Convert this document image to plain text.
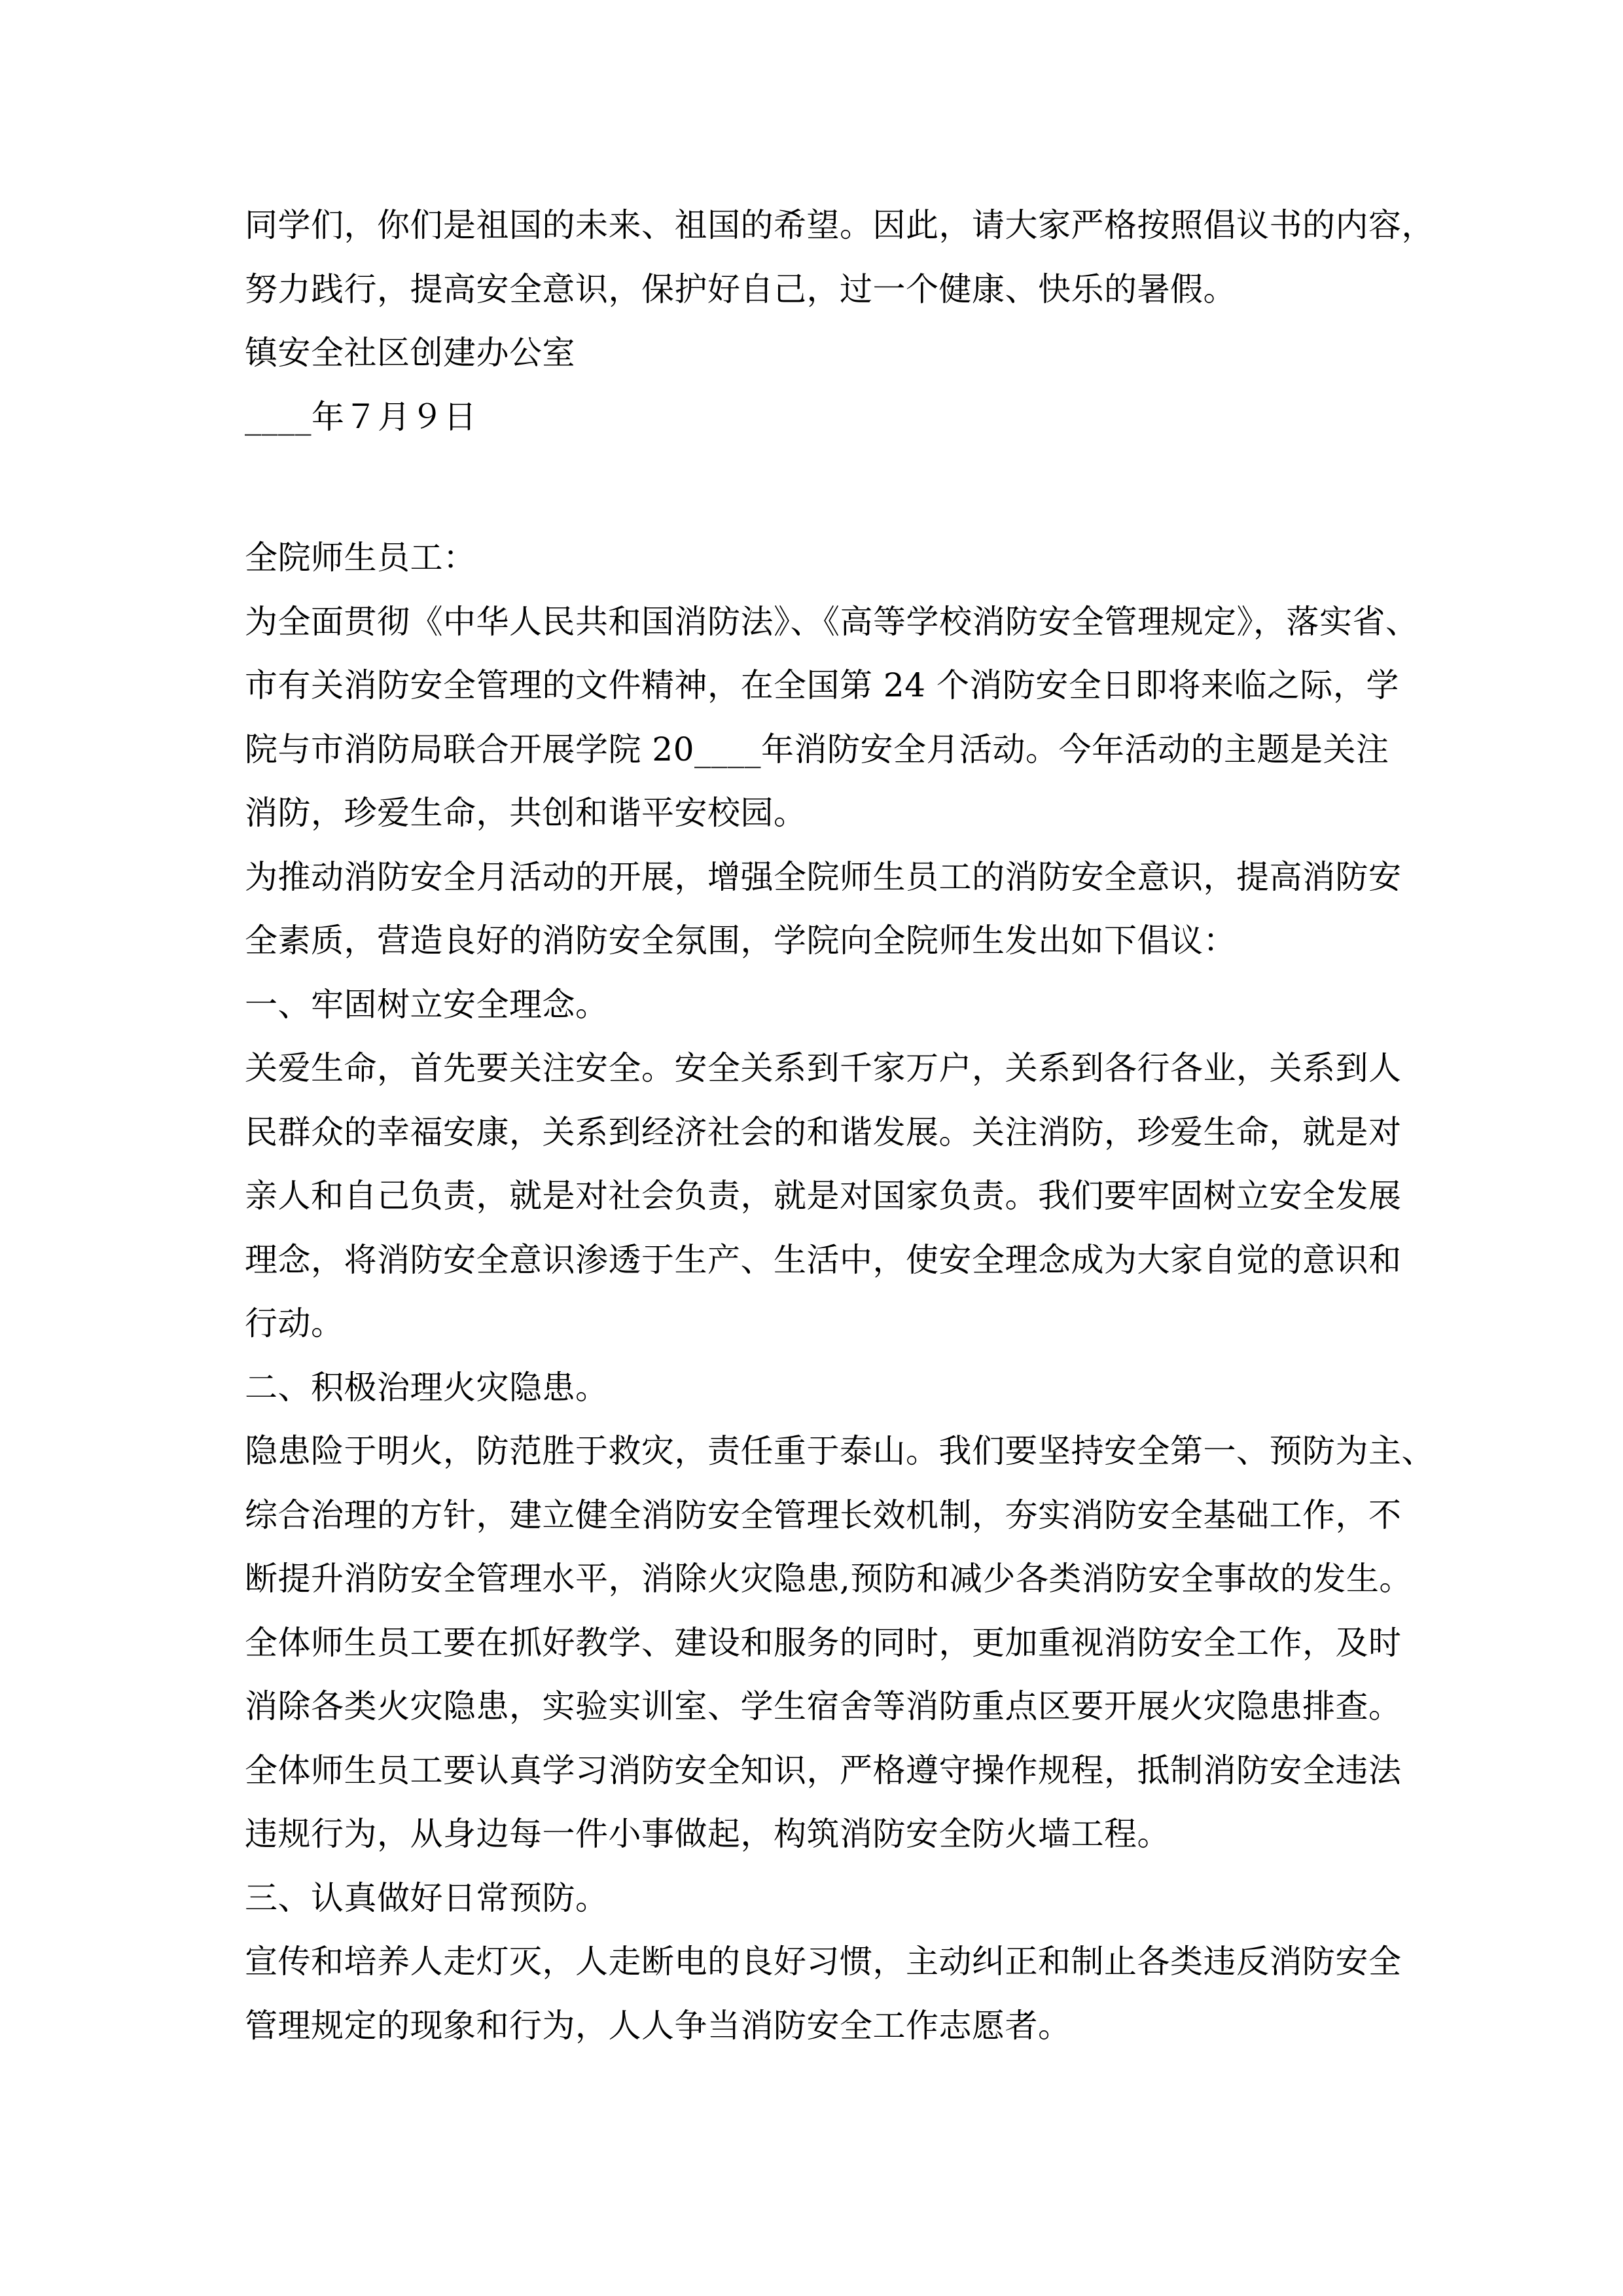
同学们，你们是祖国的未来、祖国的希望。因此，请大家严格按照倡议书的内容，
努力践行，提高安全意识，保护好自己，过一个健康、快乐的暑假。
镇安全社区创建办公室
____年７月９日
全院师生员工：
为全面贯彻《中华人民共和国消防法》、《高等学校消防安全管理规定》，落实省、
市有关消防安全管理的文件精神，在全国第 24 个消防安全日即将来临之际，学
院与市消防局联合开展学院 20____年消防安全月活动。今年活动的主题是关注
消防，珍爱生命，共创和谐平安校园。
为推动消防安全月活动的开展，增强全院师生员工的消防安全意识，提高消防安
全素质，营造良好的消防安全氛围，学院向全院师生发出如下倡议：
一、牢固树立安全理念。
关爱生命，首先要关注安全。安全关系到千家万户，关系到各行各业，关系到人
民群众的幸福安康，关系到经济社会的和谐发展。关注消防，珍爱生命，就是对
亲人和自己负责，就是对社会负责，就是对国家负责。我们要牢固树立安全发展
理念，将消防安全意识渗透于生产、生活中，使安全理念成为大家自觉的意识和
行动。
二、积极治理火灾隐患。
隐患险于明火，防范胜于救灾，责任重于泰山。我们要坚持安全第一、预防为主、
综合治理的方针，建立健全消防安全管理长效机制，夯实消防安全基础工作，不
断提升消防安全管理水平，消除火灾隐患,预防和减少各类消防安全事故的发生。
全体师生员工要在抓好教学、建设和服务的同时，更加重视消防安全工作，及时
消除各类火灾隐患，实验实训室、学生宿舍等消防重点区要开展火灾隐患排查。
全体师生员工要认真学习消防安全知识，严格遵守操作规程，抵制消防安全违法
违规行为，从身边每一件小事做起，构筑消防安全防火墙工程。
三、认真做好日常预防。
宣传和培养人走灯灭，人走断电的良好习惯，主动纠正和制止各类违反消防安全
管理规定的现象和行为，人人争当消防安全工作志愿者。
